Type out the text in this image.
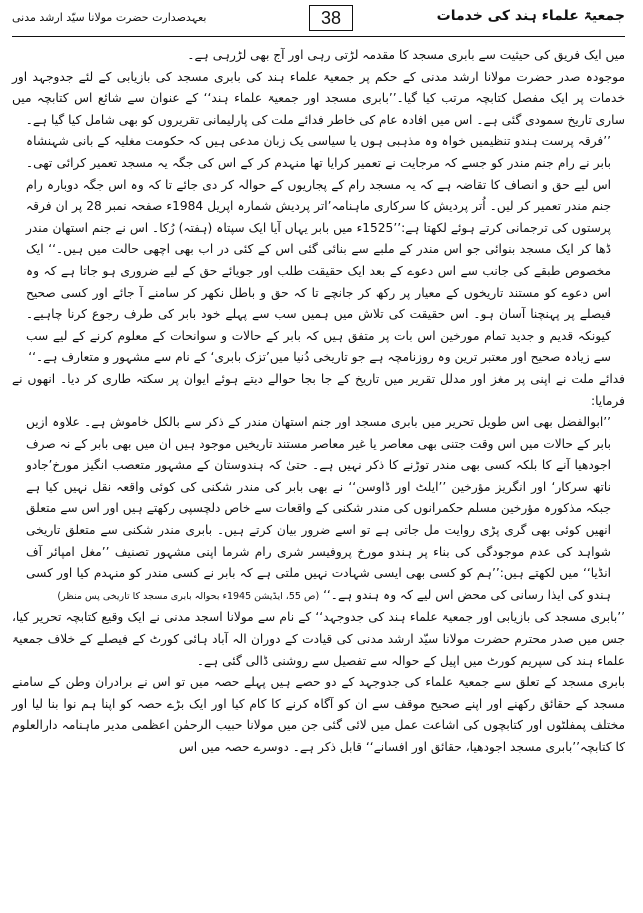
جمعیۃ علماء ہند کی خدمات
38
بعہدصدارت حضرت مولانا سیّد ارشد مدنی

میں ایک فریق کی حیثیت سے بابری مسجد کا مقدمہ لڑتی رہی اور آج بھی لڑرہی ہے۔

موجودہ صدر حضرت مولانا ارشد مدنی کے حکم پر جمعیۃ علماء ہند کی بابری مسجد کی بازیابی کے لئے جدوجہد اور خدمات پر ایک مفصل کتابچہ مرتب کیا گیا۔’’بابری مسجد اور جمعیۃ علماء ہند‘‘ کے عنوان سے شائع اس کتابچہ میں ساری تاریخ سمودی گئی ہے۔ اس میں افادہ عام کی خاطر فدائے ملت کی پارلیمانی تقریروں کو بھی شامل کیا گیا ہے۔

’’فرقہ پرست ہندو تنظیمیں خواہ وہ مذہبی ہوں یا سیاسی یک زبان مدعی ہیں کہ حکومت مغلیہ کے بانی شہنشاہ بابر نے رام جنم مندر کو جسے کہ مرجایت نے تعمیر کرایا تھا منہدم کر کے اس کی جگہ یہ مسجد تعمیر کرائی تھی۔ اس لیے حق و انصاف کا تقاضہ ہے کہ یہ مسجد رام کے پجاریوں کے حوالہ کر دی جائے تا کہ وہ اس جگہ دوبارہ رام جنم مندر تعمیر کر لیں۔ اُتر پردیش کا سرکاری ماہنامہ’اتر پردیش شمارہ اپریل 1984ء صفحہ نمبر 28 پر ان فرقہ پرستوں کی ترجمانی کرتے ہوئے لکھتا ہے:’’1525ء میں بابر یہاں آیا ایک سپتاہ (ہفتہ) رُکا۔ اس نے جنم استھان مندر ڈھا کر ایک مسجد بنوائی جو اس مندر کے ملبے سے بنائی گئی اس کے کئی در اب بھی اچھی حالت میں ہیں۔‘‘ ایک مخصوص طبقے کی جانب سے اس دعوے کے بعد ایک حقیقت طلب اور جویائے حق کے لیے ضروری ہو جاتا ہے کہ وہ اس دعوے کو مستند تاریخوں کے معیار پر رکھ کر جانچے تا کہ حق و باطل نکھر کر سامنے آ جائے اور کسی صحیح فیصلے پر پہنچنا آسان ہو۔ اس حقیقت کی تلاش میں ہمیں سب سے پہلے خود بابر کی طرف رجوع کرنا چاہیے۔ کیونکہ قدیم و جدید تمام مورخین اس بات پر متفق ہیں کہ بابر کے حالات و سوانحات کے معلوم کرنے کے لیے سب سے زیادہ صحیح اور معتبر ترین وہ روزنامچہ ہے جو تاریخی دُنیا میں’تزک بابری‘ کے نام سے مشہور و متعارف ہے۔‘‘

فدائے ملت نے اپنی پر مغز اور مدلل تقریر میں تاریخ کے جا بجا حوالے دیتے ہوئے ایوان پر سکتہ طاری کر دیا۔ انھوں نے فرمایا:

’’ابوالفضل بھی اس طویل تحریر میں بابری مسجد اور جنم استھان مندر کے ذکر سے بالکل خاموش ہے۔ علاوہ ازیں بابر کے حالات میں اس وقت جتنی بھی معاصر یا غیر معاصر مستند تاریخیں موجود ہیں ان میں بھی بابر کے نہ صرف اجودھیا آنے کا بلکہ کسی بھی مندر توڑنے کا ذکر نہیں ہے۔ حتیٰ کہ ہندوستان کے مشہور متعصب انگیز مورخ’جادو ناتھ سرکار‘ اور انگریز مؤرخین ’’ایلٹ اور ڈاوسن‘‘ نے بھی بابر کی مندر شکنی کی کوئی واقعہ نقل نہیں کیا ہے جبکہ مذکورہ مؤرخین مسلم حکمرانوں کی مندر شکنی کے واقعات سے خاص دلچسپی رکھتے ہیں اور اس سے متعلق انھیں کوئی بھی گری پڑی روایت مل جاتی ہے تو اسے ضرور بیان کرتے ہیں۔ بابری مندر شکنی سے متعلق تاریخی شواہد کی عدم موجودگی کی بناء پر ہندو مورخ پروفیسر شری رام شرما اپنی مشہور تصنیف ’’مغل امپائر آف انڈیا‘‘ میں لکھتے ہیں:’’ہم کو کسی بھی ایسی شہادت نہیں ملتی ہے کہ بابر نے کسی مندر کو منہدم کیا اور کسی ہندو کی ایذا رسانی کی محض اس لیے کہ وہ ہندو ہے۔‘‘ (ص 55، ایڈیشن 1945ء بحوالہ بابری مسجد کا تاریخی پس منظر)

’’بابری مسجد کی بازیابی اور جمعیۃ علماء ہند کی جدوجہد‘‘ کے نام سے مولانا اسجد مدنی نے ایک وقیع کتابچہ تحریر کیا، جس میں صدر محترم حضرت مولانا سیّد ارشد مدنی کی قیادت کے دوران الہ آباد ہائی کورٹ کے فیصلے کے خلاف جمعیۃ علماء ہند کی سپریم کورٹ میں اپیل کے حوالہ سے تفصیل سے روشنی ڈالی گئی ہے۔

بابری مسجد کے تعلق سے جمعیۃ علماء کی جدوجہد کے دو حصے ہیں پہلے حصہ میں تو اس نے برادران وطن کے سامنے مسجد کے حقائق رکھنے اور اپنے صحیح موقف سے ان کو آگاہ کرنے کا کام کیا اور ایک بڑے حصہ کو اپنا ہم نوا بنا لیا اور مختلف پمفلٹوں اور کتابچوں کی اشاعت عمل میں لائی گئی جن میں مولانا حبیب الرحمٰن اعظمی مدیر ماہنامہ دارالعلوم کا کتابچہ’’بابری مسجد اجودھیا، حقائق اور افسانے‘‘ قابل ذکر ہے۔ دوسرے حصہ میں اس
